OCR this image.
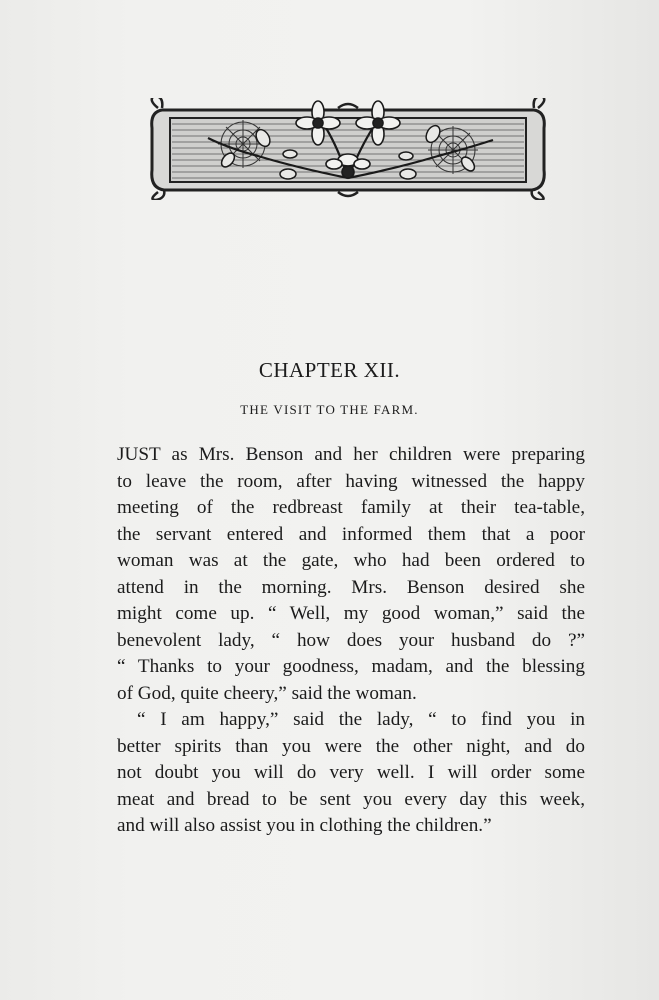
CHAPTER XII.
THE VISIT TO THE FARM.
JUST as Mrs. Benson and her children were preparing
to leave the room, after having witnessed the happy
meeting of the redbreast family at their tea-table,
the servant entered and informed them that a poor
woman was at the gate, who had been ordered to
attend in the morning. Mrs. Benson desired she
might come up. “ Well, my good woman,” said the
benevolent lady, “ how does your husband do ?”
“ Thanks to your goodness, madam, and the blessing
of God, quite cheery,” said the woman.
“ I am happy,” said the lady, “ to find you in
better spirits than you were the other night, and do
not doubt you will do very well. I will order some
meat and bread to be sent you every day this week,
and will also assist you in clothing the children.”
